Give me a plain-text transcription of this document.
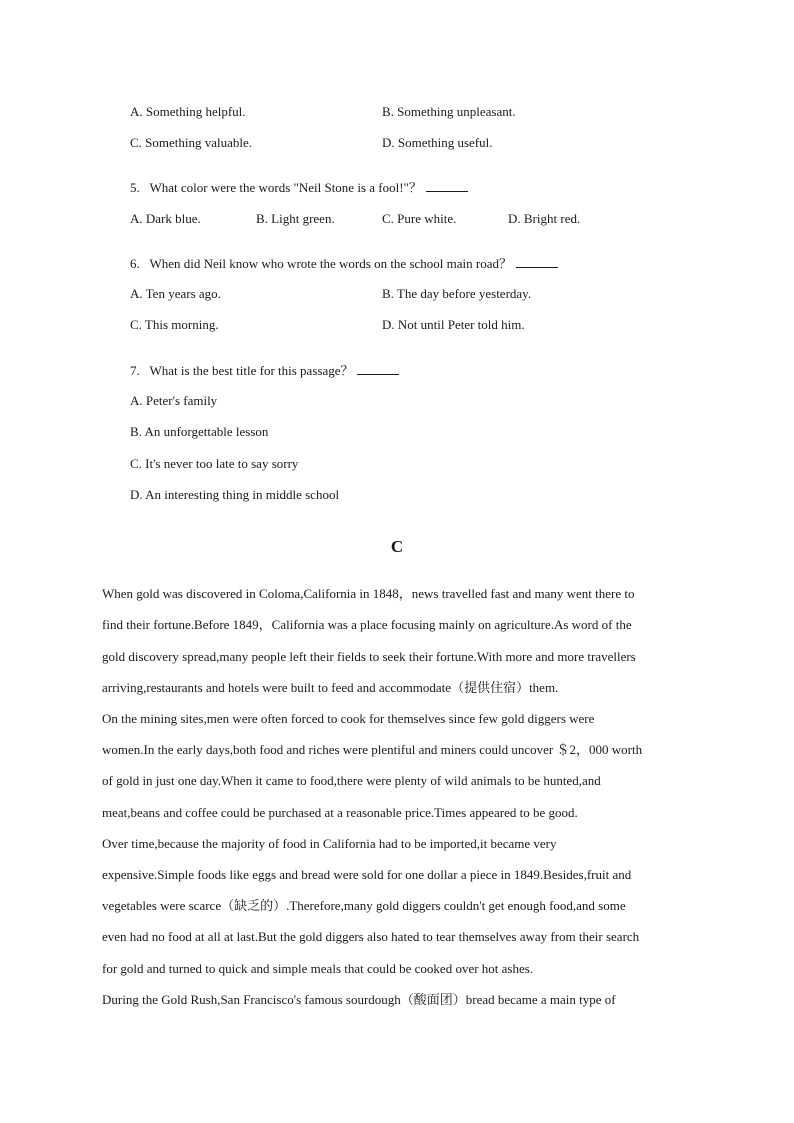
A. Something helpful.	B. Something unpleasant.
C. Something valuable.	D. Something useful.
5.   What color were the words "Neil Stone is a fool!"？
A. Dark blue.	B. Light green.	C. Pure white.	D. Bright red.
6.   When did Neil know who wrote the words on the school main road？
A. Ten years ago.	B. The day before yesterday.
C. This morning.	D. Not until Peter told him.
7.   What is the best title for this passage？
A. Peter's family
B. An unforgettable lesson
C. It's never too late to say sorry
D. An interesting thing in middle school
C
When gold was discovered in Coloma,California in 1848，news travelled fast and many went there to
find their fortune.Before 1849，California was a place focusing mainly on agriculture.As word of the
gold discovery spread,many people left their fields to seek their fortune.With more and more travellers
arriving,restaurants and hotels were built to feed and accommodate（提供住宿）them.
On the mining sites,men were often forced to cook for themselves since few gold diggers were
women.In the early days,both food and riches were plentiful and miners could uncover ＄2，000 worth
of gold in just one day.When it came to food,there were plenty of wild animals to be hunted,and
meat,beans and coffee could be purchased at a reasonable price.Times appeared to be good.
Over time,because the majority of food in California had to be imported,it became very
expensive.Simple foods like eggs and bread were sold for one dollar a piece in 1849.Besides,fruit and
vegetables were scarce（缺乏的）.Therefore,many gold diggers couldn't get enough food,and some
even had no food at all at last.But the gold diggers also hated to tear themselves away from their search
for gold and turned to quick and simple meals that could be cooked over hot ashes.
During the Gold Rush,San Francisco's famous sourdough（酸面团）bread became a main type of
